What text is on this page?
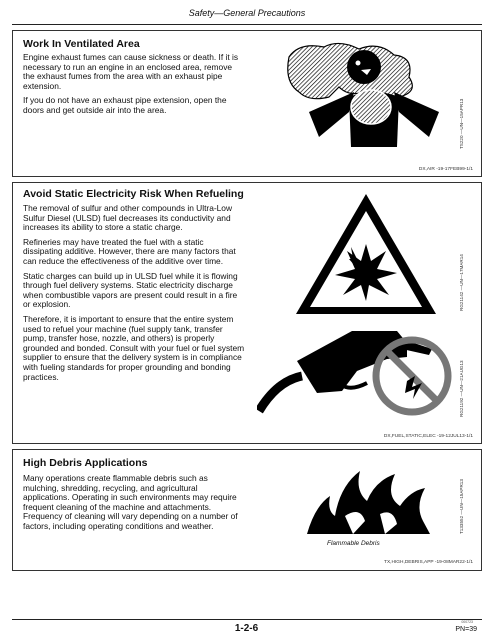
Safety—General Precautions
Work In Ventilated Area

Engine exhaust fumes can cause sickness or death. If it is necessary to run an engine in an enclosed area, remove the exhaust fumes from the area with an exhaust pipe extension.

If you do not have an exhaust pipe extension, open the doors and get outside air into the area.	TS220 —UN—15APR13
DX,AIR -19-17FEB99-1/1
Avoid Static Electricity Risk When Refueling

The removal of sulfur and other compounds in Ultra-Low Sulfur Diesel (ULSD) fuel decreases its conductivity and increases its ability to store a static charge.

Refineries may have treated the fuel with a static dissipating additive. However, there are many factors that can reduce the effectiveness of the additive over time.

Static charges can build up in ULSD fuel while it is flowing through fuel delivery systems. Static electricity discharge when combustible vapors are present could result in a fire or explosion.

Therefore, it is important to ensure that the entire system used to refuel your machine (fuel supply tank, transfer pump, transfer hose, nozzle, and others) is properly grounded and bonded. Consult with your fuel or fuel system supplier to ensure that the delivery system is in compliance with fueling standards for proper grounding and bonding practices.

RG21142 —UN—17MAR14
RG21192 —UN—21AUG13
DX,FUEL,STATIC,ELEC -19-12JUL13-1/1
High Debris Applications

Many operations create flammable debris such as mulching, shredding, recycling, and agricultural applications. Operating in such environments may require frequent cleaning of the machine and attachments. Frequency of cleaning will vary depending on a number of factors, including operating conditions and weather.

Flammable Debris
T133552 —UN—15APR13
TX,HIGH,DEBRIS,APP -19-08MAR22-1/1
1-2-6
000723
PN=39
